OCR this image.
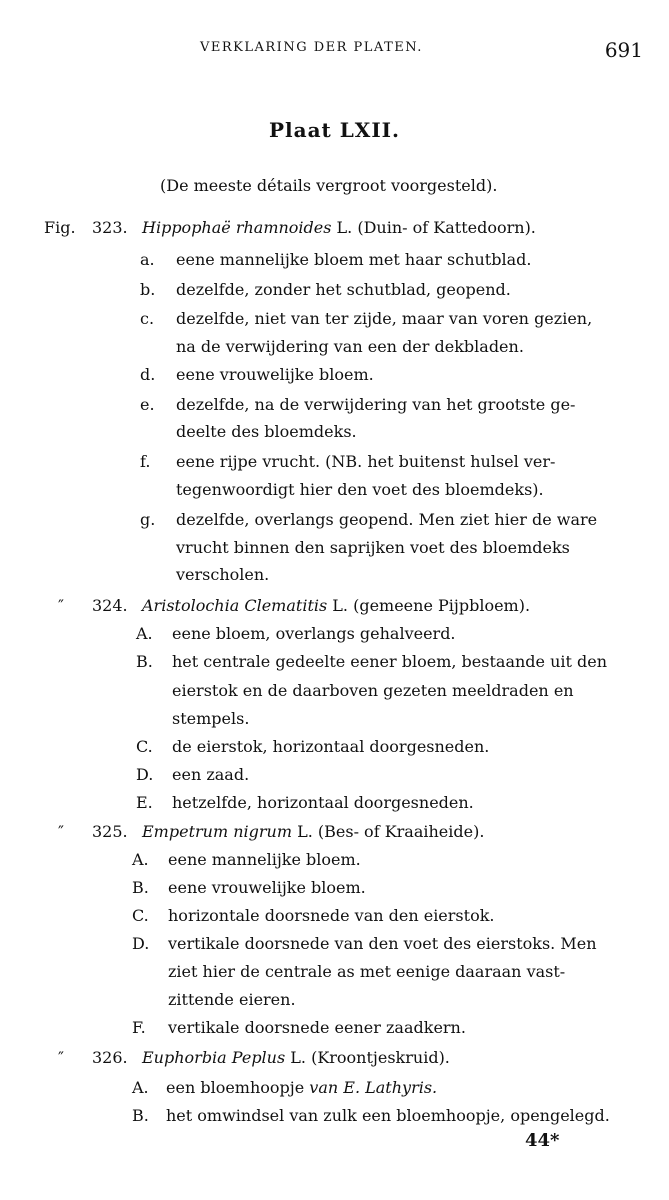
VERKLARING DER PLATEN.	691
Plaat LXII.
(De meeste détails vergroot voorgesteld).
Fig. 323. Hippophaë rhamnoides L. (Duin- of Kattedoorn).
a. eene mannelijke bloem met haar schutblad.
b. dezelfde, zonder het schutblad, geopend.
c. dezelfde, niet van ter zijde, maar van voren gezien,
na de verwijdering van een der dekbladen.
d. eene vrouwelijke bloem.
e. dezelfde, na de verwijdering van het grootste ge-
deelte des bloemdeks.
f. eene rijpe vrucht. (NB. het buitenst hulsel ver-
tegenwoordigt hier den voet des bloemdeks).
g. dezelfde, overlangs geopend. Men ziet hier de ware
vrucht binnen den saprijken voet des bloemdeks
verscholen.
″ 324. Aristolochia Clematitis L. (gemeene Pijpbloem).
A. eene bloem, overlangs gehalveerd.
B. het centrale gedeelte eener bloem, bestaande uit den
eierstok en de daarboven gezeten meeldraden en
stempels.
C. de eierstok, horizontaal doorgesneden.
D. een zaad.
E. hetzelfde, horizontaal doorgesneden.
″ 325. Empetrum nigrum L. (Bes- of Kraaiheide).
A. eene mannelijke bloem.
B. eene vrouwelijke bloem.
C. horizontale doorsnede van den eierstok.
D. vertikale doorsnede van den voet des eierstoks. Men
ziet hier de centrale as met eenige daaraan vast-
zittende eieren.
F. vertikale doorsnede eener zaadkern.
″ 326. Euphorbia Peplus L. (Kroontjeskruid).
A. een bloemhoopje van E. Lathyris.
B. het omwindsel van zulk een bloemhoopje, opengelegd.
44*
